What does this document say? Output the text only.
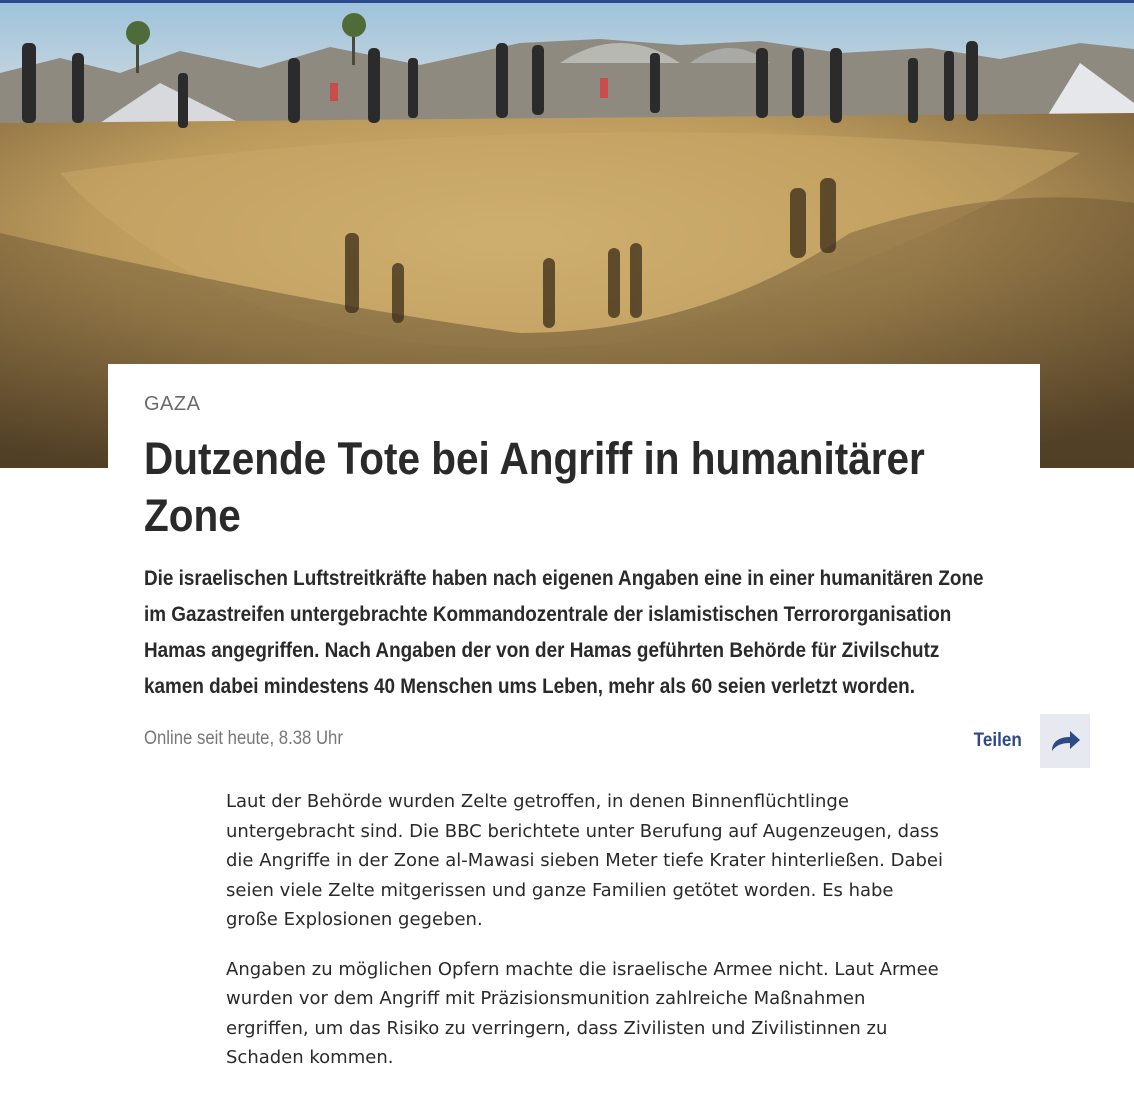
GAZA

Dutzende Tote bei Angriff in humanitärer Zone

Die israelischen Luftstreitkräfte haben nach eigenen Angaben eine in einer humanitären Zone im Gazastreifen untergebrachte Kommandozentrale der islamistischen Terrororganisation Hamas angegriffen. Nach Angaben der von der Hamas geführten Behörde für Zivilschutz kamen dabei mindestens 40 Menschen ums Leben, mehr als 60 seien verletzt worden.

Online seit heute, 8.38 Uhr	Teilen

Laut der Behörde wurden Zelte getroffen, in denen Binnenflüchtlinge untergebracht sind. Die BBC berichtete unter Berufung auf Augenzeugen, dass die Angriffe in der Zone al-Mawasi sieben Meter tiefe Krater hinterließen. Dabei seien viele Zelte mitgerissen und ganze Familien getötet worden. Es habe große Explosionen gegeben.

Angaben zu möglichen Opfern machte die israelische Armee nicht. Laut Armee wurden vor dem Angriff mit Präzisionsmunition zahlreiche Maßnahmen ergriffen, um das Risiko zu verringern, dass Zivilisten und Zivilistinnen zu Schaden kommen.
